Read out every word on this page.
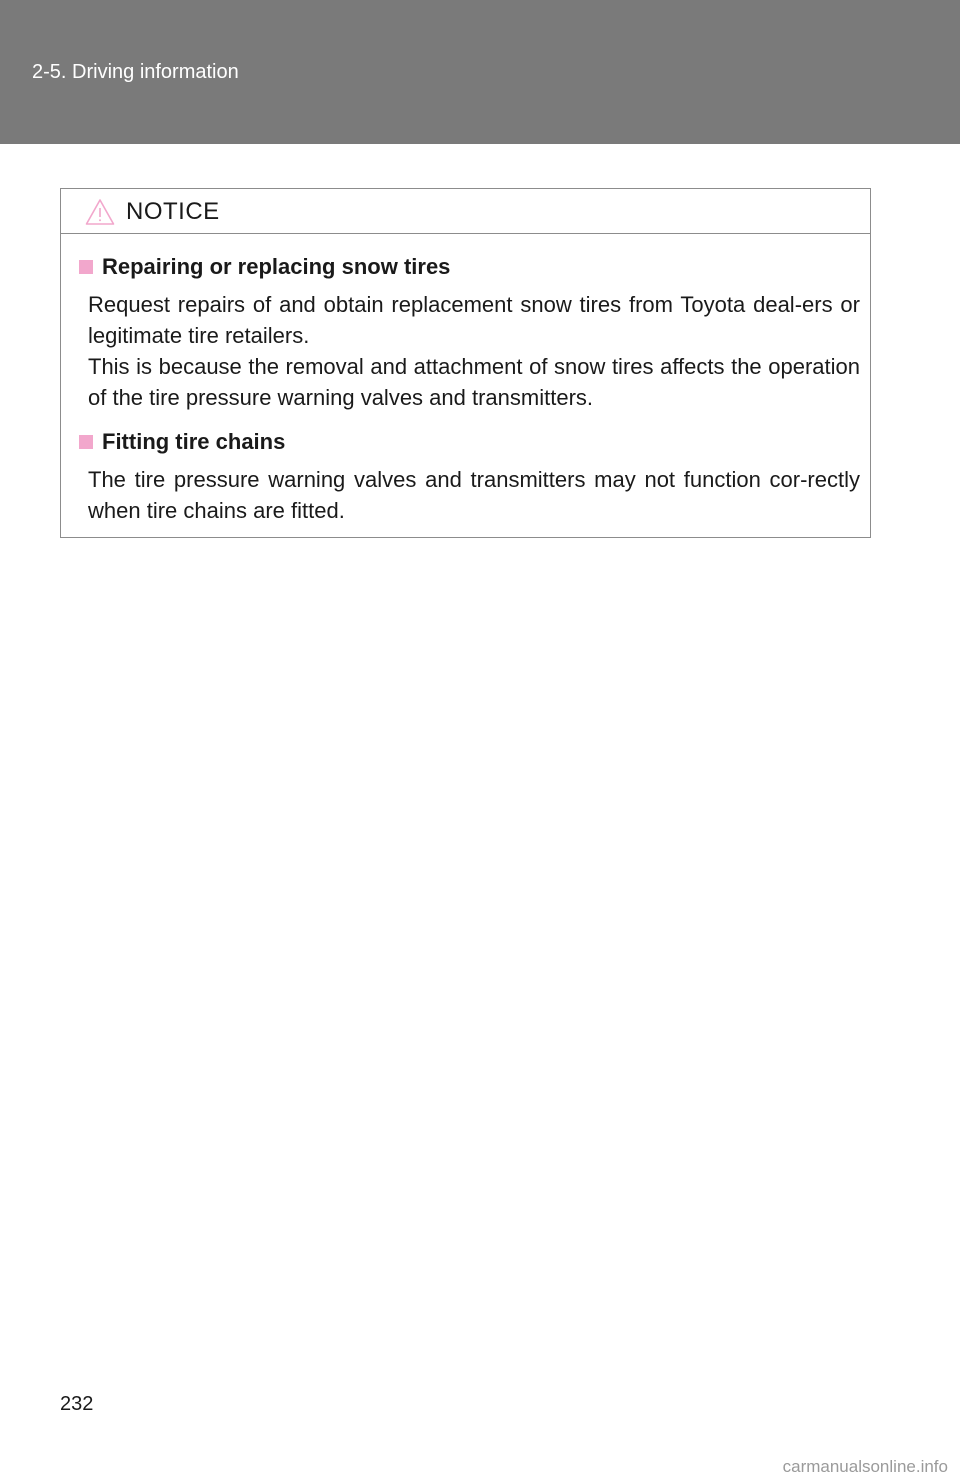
2-5. Driving information
NOTICE
Repairing or replacing snow tires

Request repairs of and obtain replacement snow tires from Toyota deal-ers or legitimate tire retailers.

This is because the removal and attachment of snow tires affects the operation of the tire pressure warning valves and transmitters.

Fitting tire chains

The tire pressure warning valves and transmitters may not function cor-rectly when tire chains are fitted.

232
carmanualsonline.info
